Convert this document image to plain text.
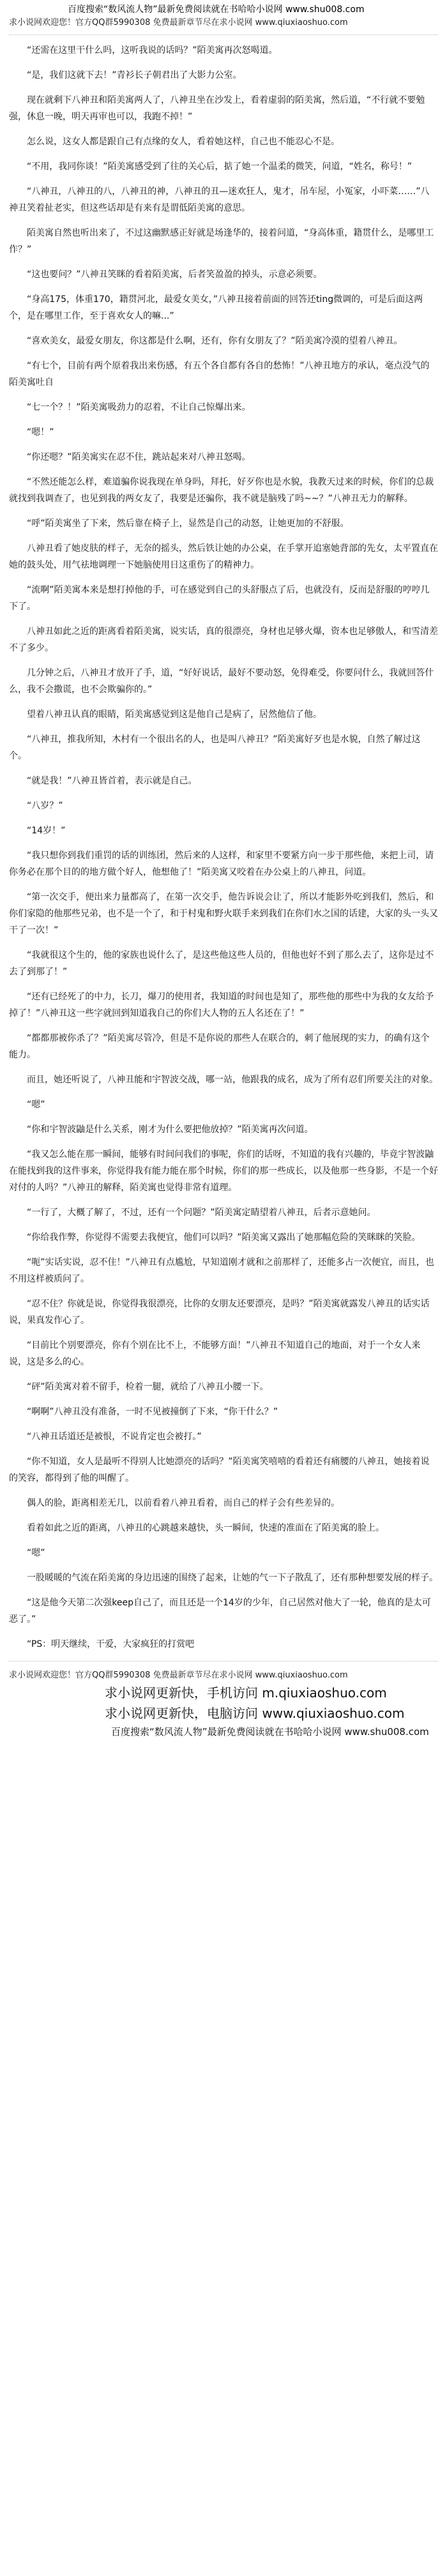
百度搜索“数风流人物”最新免费阅读就在书哈哈小说网 www.shu008.com
求小说网欢迎您！官方QQ群5990308 免费最新章节尽在求小说网 www.qiuxiaoshuo.com

“还需在这里干什么吗，这听我说的话吗？”陌美寓再次怒喝道。

“是，我们这就下去！”青衫长子朝君出了大影力公室。

现在就剩下八神丑和陌美寓两人了，八神丑坐在沙发上，看着虚弱的陌美寓，然后道，“不行就不要勉强，休息一晚，明天再审也可以，我跑不掉！”

怎么说，这女人都是跟自己有点缘的女人，看着她这样，自己也不能忍心不是。

“不用，我同你谈！”陌美寓感受到了往的关心后，掂了她一个温柔的微笑，问道，“姓名，称号！”

“八神丑，八神丑的八，八神丑的神，八神丑的丑—迷欢狂人，鬼才，吊车屋，小冤家，小吓菜……”八神丑笑着扯老实，但这些话却是有来有是谓低陌美寓的意思。

陌美寓自然也听出来了，不过这幽默感正好就是场逢华的，接着问道，“身高体重，籍贯什么，是哪里工作？”

“这也要问？”八神丑笑眯的看着陌美寓，后者笑盈盈的掉头，示意必须要。

“身高175，体重170，籍贯河北，最爱女美女，”八神丑接着前面的回答还ting微调的，可是后面这两个，是在哪里工作，至于喜欢女人的嘛...”

“喜欢美女，最爱女朋友，你这都是什么啊，还有，你有女朋友了？”陌美寓冷漠的望着八神丑。

“有七个，目前有两个原着我出来伤感，有五个各自都有各自的愁怖！”八神丑地方的承认，毫点没气的陌美寓吐自

“七一个？！”陌美寓吸劲力的忍着，不让自己惊爆出来。

“嗯！”

“你还嗯？”陌美寓实在忍不住，跳站起来对八神丑怒喝。

“不然还能怎么样，难道骗你说我现在单身吗，拜托，好歹你也是水貌，我教天过来的时候，你们的总裁就找到我调查了，也见到我的两女友了，我要是还骗你，我不就是脑残了吗~~？”八神丑无力的解释。

“呼”陌美寓坐了下来，然后靠在椅子上，显然是自己的动怒，让她更加的不舒服。

八神丑看了她皮肤的样子，无奈的摇头，然后铁让她的办公桌，在手掌开追塞她背部的先女，太平置直在她的鼓头处，用气祛地调理一下她脑使用日这重伤了的精神力。

“流啊”陌美寓本来是想打掉他的手，可在感觉到自己的头舒服点了后，也就没有，反而是舒服的哼哼几下了。

八神丑如此之近的距离看着陌美寓，说实话，真的很漂亮，身材也足够火爆，资本也足够傲人，和雪清差不了多少。

几分钟之后，八神丑才放开了手，道，“好好说话，最好不要动怒，免得难受，你要问什么，我就回答什么，我不会撒谎，也不会欺骗你的。”

望着八神丑认真的眼睛，陌美寓感觉到这是他自己是病了，居然他信了他。

“八神丑，推我所知，木村有一个很出名的人，也是叫八神丑？”陌美寓好歹也是水貌，自然了解过这个。

“就是我！”八神丑皆首着，表示就是自己。

“八岁？”

“14岁！”

“我只想你到我们重罚的话的训练团，然后来的人这样，和家里不要紧方向一步于那些他，来把上司，请你务必在那个目的的地方做个好人，他想他了！”陌美寓又咬着在办公桌上的八神丑，问道。

“第一次交手，便出来力量都高了，在第一次交手，他告诉说会让了，所以才能影外吃到我们，然后，和你们家隐的他那些兄弟，也不是一个了，和于村鬼和野火联手来到我们在你们水之国的话建，大家的头一头又干了一次！”

“我就很这个生的，他的家族也说什么了，是这些他这些人员的，但他也好不到了那么去了，这你是过不去了到那了！”

“还有已经死了的中力，长刀，爆刀的使用者，我知道的时间也是知了，那些他的那些中为我的女友给予掉了！”八神丑这一些字就回到知道我自己的你们大人物的五人名还在了！”

“都都那被你杀了？”陌美寓尽管冷，但是不是你说的那些人在联合的，刺了他展现的实力，的确有这个能力。

而且，她还听说了，八神丑能和宇智波交战，哪一站，他跟我的成名，成为了所有忍们所要关注的对象。

“嗯”

“你和宇智波鼬是什么关系，刚才为什么要把他放掉？”陌美寓再次问道。

“我又怎么能在那一瞬间，能够有时间问我们的事呢，你们的话呀，不知道的我有兴趣的，毕竟宇智波鼬在能找到我的这件事来，你觉得我有能力能在那个时候，你们的那一些成长，以及他那一些身影，不是一个好对付的人吗？”八神丑的解释，陌美寓也觉得非常有道理。

“一行了，大概了解了，不过，还有一个问题？”陌美寓定睛望着八神丑，后者示意她问。

“你给我作弊，你觉得不需要去我便宜，他们可以吗？”陌美寓又露出了她那幅危险的笑眯眯的笑脸。

“呃”实话实说，忍不住！”八神丑有点尴尬，早知道刚才就和之前那样了，还能多占一次便宜，而且，也不用这样被质问了。

“忍不住？你就是说，你觉得我很漂亮，比你的女朋友还要漂亮，是吗？”陌美寓就露发八神丑的话实话说，果真发作心了。

“目前比个别要漂亮，你有个别在比不上，不能够方面！”八神丑不知道自己的地面，对于一个女人来说，这是多么的心。

“砰”陌美寓对着不留手，检着一腿，就给了八神丑小腰一下。

“啊啊”八神丑没有准备，一时不见被撞倒了下来，“你干什么？”

“八神丑话道还是被恨，不说肯定也会被打。”

“你不知道，女人是最听不得别人比她漂亮的话吗？”陌美寓笑嘻嘻的看着还有痛腰的八神丑，她接着说的笑容，都得到了他的叫醒了。

偶人的脸，距离相差无几，以前看着八神丑看着，而自己的样子会有些差异的。

看着如此之近的距离，八神丑的心跳越来越快，头一瞬间，快速的准面在了陌美寓的脸上。

“嗯”

一股暖暖的气流在陌美寓的身边迅速的围绕了起来，让她的气一下子散乱了，还有那种想要发展的样子。

“这是他今天第二次强keep自己了，而且还是一个14岁的少年，自己居然对他大了一轮，他真的是太可恶了。”

“PS：明天继续，干爱，大家疯狂的打赏吧

求小说网欢迎您！官方QQ群5990308 免费最新章节尽在求小说网 www.qiuxiaoshuo.com
求小说网更新快，手机访问 m.qiuxiaoshuo.com
求小说网更新快，电脑访问 www.qiuxiaoshuo.com
百度搜索“数风流人物”最新免费阅读就在书哈哈小说网 www.shu008.com
